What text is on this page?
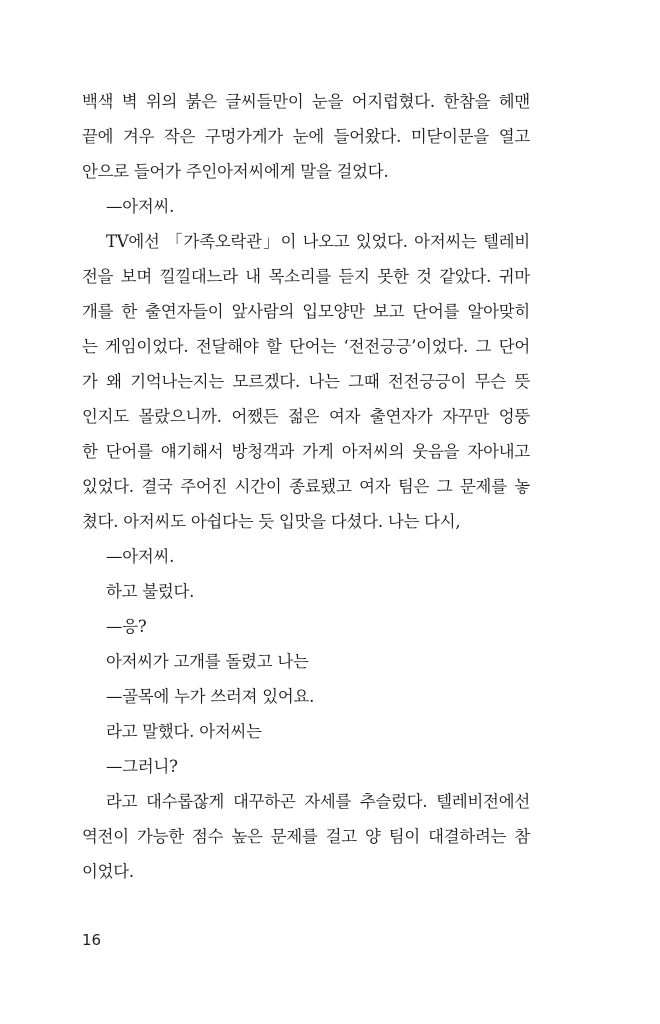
백색 벽 위의 붉은 글씨들만이 눈을 어지럽혔다. 한참을 헤맨
끝에 겨우 작은 구멍가게가 눈에 들어왔다. 미닫이문을 열고
안으로 들어가 주인아저씨에게 말을 걸었다.
—아저씨.
TV에선 「가족오락관」이 나오고 있었다. 아저씨는 텔레비
전을 보며 낄낄대느라 내 목소리를 듣지 못한 것 같았다. 귀마
개를 한 출연자들이 앞사람의 입모양만 보고 단어를 알아맞히
는 게임이었다. 전달해야 할 단어는 ‘전전긍긍’이었다. 그 단어
가 왜 기억나는지는 모르겠다. 나는 그때 전전긍긍이 무슨 뜻
인지도 몰랐으니까. 어쨌든 젊은 여자 출연자가 자꾸만 엉뚱
한 단어를 얘기해서 방청객과 가게 아저씨의 웃음을 자아내고
있었다. 결국 주어진 시간이 종료됐고 여자 팀은 그 문제를 놓
쳤다. 아저씨도 아쉽다는 듯 입맛을 다셨다. 나는 다시,
—아저씨.
하고 불렀다.
—응?
아저씨가 고개를 돌렸고 나는
—골목에 누가 쓰러져 있어요.
라고 말했다. 아저씨는
—그러니?
라고 대수롭잖게 대꾸하곤 자세를 추슬렀다. 텔레비전에선
역전이 가능한 점수 높은 문제를 걸고 양 팀이 대결하려는 참
이었다.
16
